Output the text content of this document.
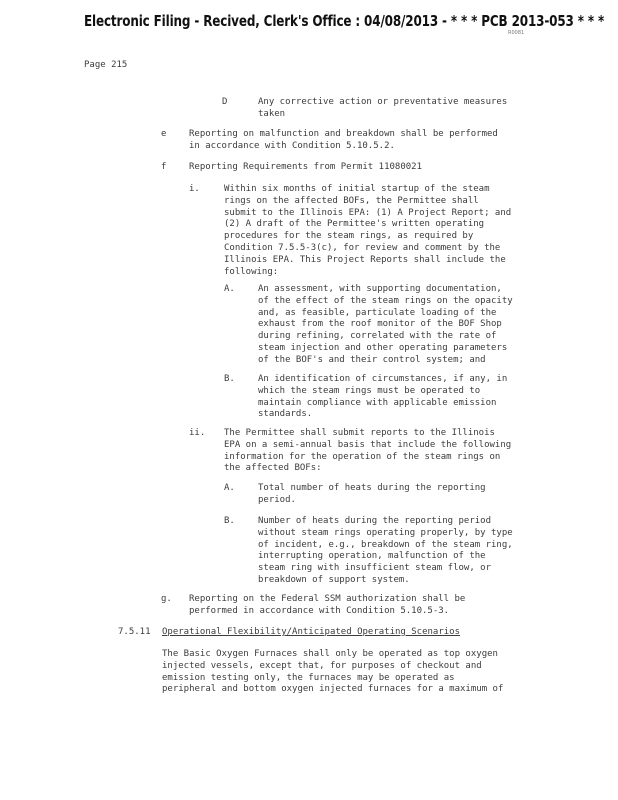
Electronic Filing - Recived, Clerk's Office : 04/08/2013 - * * * PCB 2013-053 * * *
R0081
Page 215
D	Any corrective action or preventative measures
taken
e	Reporting on malfunction and breakdown shall be performed
in accordance with Condition 5.10.5.2.
f	Reporting Requirements from Permit 11080021
i.	Within six months of initial startup of the steam
rings on the affected BOFs, the Permittee shall
submit to the Illinois EPA: (1) A Project Report; and
(2) A draft of the Permittee's written operating
procedures for the steam rings, as required by
Condition 7.5.5-3(c), for review and comment by the
Illinois EPA. This Project Reports shall include the
following:
A.	An assessment, with supporting documentation,
of the effect of the steam rings on the opacity
and, as feasible, particulate loading of the
exhaust from the roof monitor of the BOF Shop
during refining, correlated with the rate of
steam injection and other operating parameters
of the BOF's and their control system; and
B.	An identification of circumstances, if any, in
which the steam rings must be operated to
maintain compliance with applicable emission
standards.
ii. The Permittee shall submit reports to the Illinois
EPA on a semi-annual basis that include the following
information for the operation of the steam rings on
the affected BOFs:
A.	Total number of heats during the reporting
period.
B.	Number of heats during the reporting period
without steam rings operating properly, by type
of incident, e.g., breakdown of the steam ring,
interrupting operation, malfunction of the
steam ring with insufficient steam flow, or
breakdown of support system.
g. Reporting on the Federal SSM authorization shall be
performed in accordance with Condition 5.10.5-3.
7.5.11 Operational Flexibility/Anticipated Operating Scenarios
The Basic Oxygen Furnaces shall only be operated as top oxygen
injected vessels, except that, for purposes of checkout and
emission testing only, the furnaces may be operated as
peripheral and bottom oxygen injected furnaces for a maximum of
